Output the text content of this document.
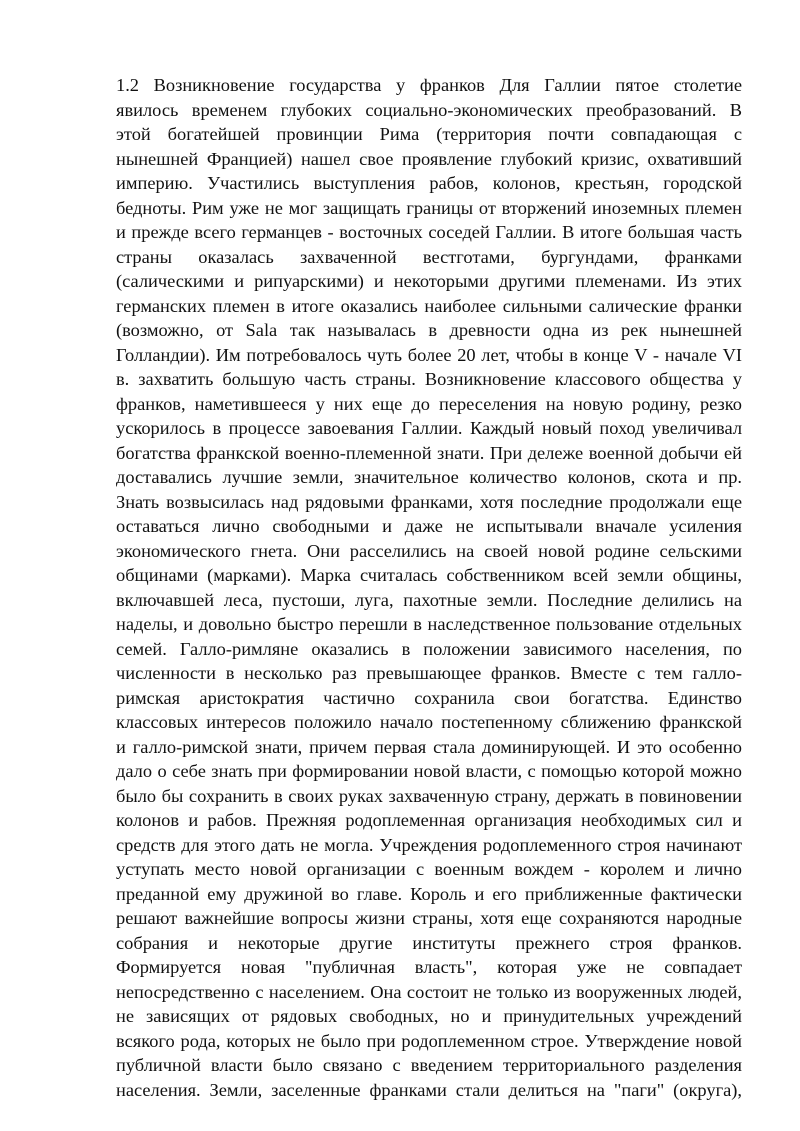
1.2 Возникновение государства у франков Для Галлии пятое столетие
явилось временем глубоких социально-экономических преобразований. В
этой богатейшей провинции Рима (территория почти совпадающая с
нынешней Францией) нашел свое проявление глубокий кризис, охвативший
империю. Участились выступления рабов, колонов, крестьян, городской
бедноты. Рим уже не мог защищать границы от вторжений иноземных племен
и прежде всего германцев - восточных соседей Галлии. В итоге большая часть
страны оказалась захваченной вестготами, бургундами, франками
(салическими и рипуарскими) и некоторыми другими племенами. Из этих
германских племен в итоге оказались наиболее сильными салические франки
(возможно, от Sala так называлась в древности одна из рек нынешней
Голландии). Им потребовалось чуть более 20 лет, чтобы в конце V - начале VI
в. захватить большую часть страны. Возникновение классового общества у
франков, наметившееся у них еще до переселения на новую родину, резко
ускорилось в процессе завоевания Галлии. Каждый новый поход увеличивал
богатства франкской военно-племенной знати. При дележе военной добычи ей
доставались лучшие земли, значительное количество колонов, скота и пр.
Знать возвысилась над рядовыми франками, хотя последние продолжали еще
оставаться лично свободными и даже не испытывали вначале усиления
экономического гнета. Они расселились на своей новой родине сельскими
общинами (марками). Марка считалась собственником всей земли общины,
включавшей леса, пустоши, луга, пахотные земли. Последние делились на
наделы, и довольно быстро перешли в наследственное пользование отдельных
семей. Галло-римляне оказались в положении зависимого населения, по
численности в несколько раз превышающее франков. Вместе с тем галло-
римская аристократия частично сохранила свои богатства. Единство
классовых интересов положило начало постепенному сближению франкской
и галло-римской знати, причем первая стала доминирующей. И это особенно
дало о себе знать при формировании новой власти, с помощью которой можно
было бы сохранить в своих руках захваченную страну, держать в повиновении
колонов и рабов. Прежняя родоплеменная организация необходимых сил и
средств для этого дать не могла. Учреждения родоплеменного строя начинают
уступать место новой организации с военным вождем - королем и лично
преданной ему дружиной во главе. Король и его приближенные фактически
решают важнейшие вопросы жизни страны, хотя еще сохраняются народные
собрания и некоторые другие институты прежнего строя франков.
Формируется новая "публичная власть", которая уже не совпадает
непосредственно с населением. Она состоит не только из вооруженных людей,
не зависящих от рядовых свободных, но и принудительных учреждений
всякого рода, которых не было при родоплеменном строе. Утверждение новой
публичной власти было связано с введением территориального разделения
населения. Земли, заселенные франками стали делиться на "паги" (округа),
